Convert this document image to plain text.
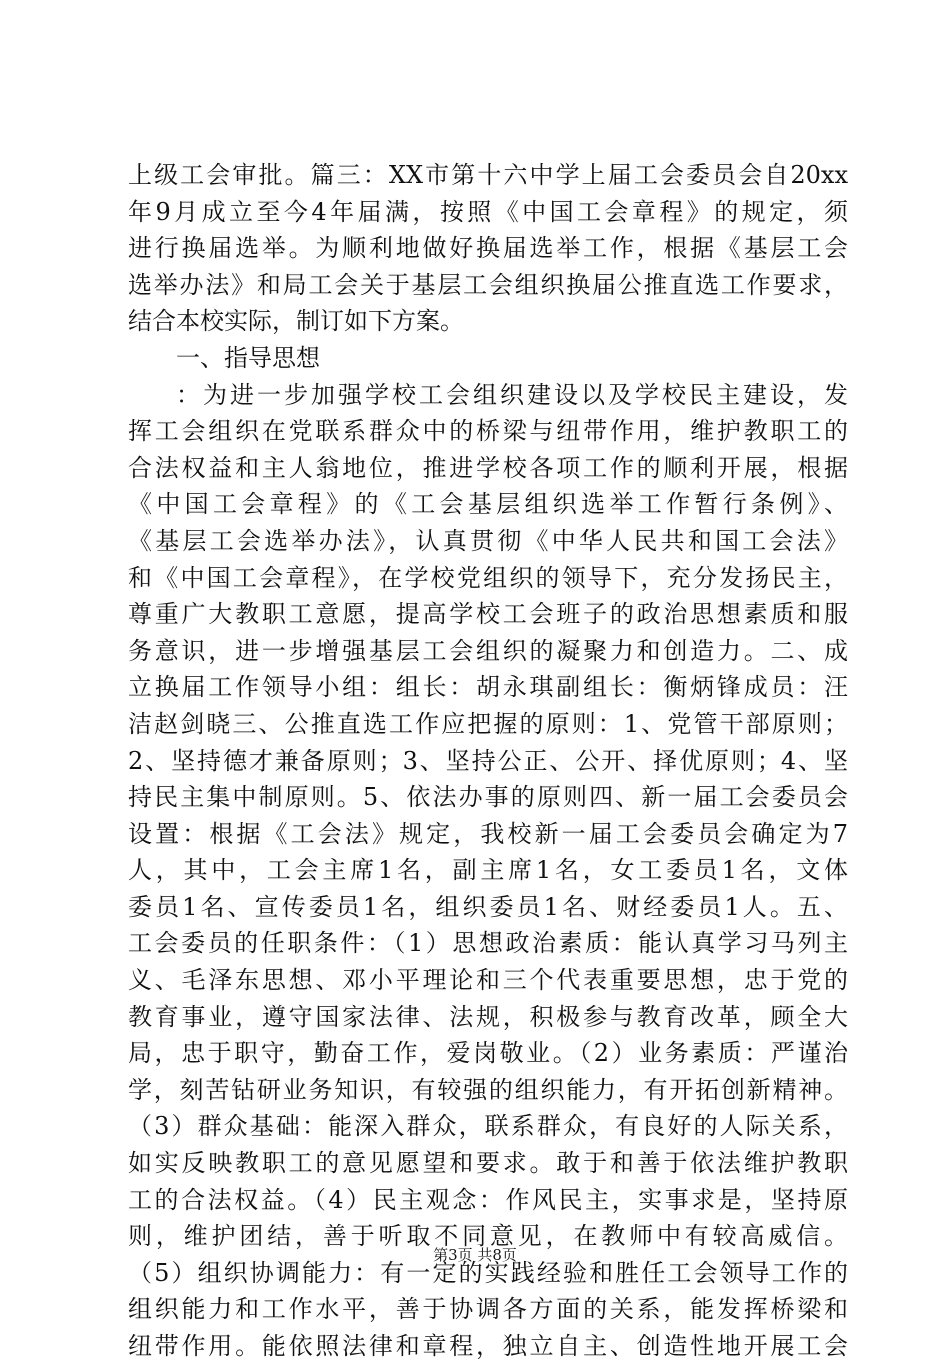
上级工会审批。篇三：XX市第十六中学上届工会委员会自20xx
年9月成立至今4年届满，按照《中国工会章程》的规定，须
进行换届选举。为顺利地做好换届选举工作，根据《基层工会
选举办法》和局工会关于基层工会组织换届公推直选工作要求，
结合本校实际，制订如下方案。
一、指导思想
：为进一步加强学校工会组织建设以及学校民主建设，发
挥工会组织在党联系群众中的桥梁与纽带作用，维护教职工的
合法权益和主人翁地位，推进学校各项工作的顺利开展，根据
《中国工会章程》的《工会基层组织选举工作暂行条例》、
《基层工会选举办法》，认真贯彻《中华人民共和国工会法》
和《中国工会章程》，在学校党组织的领导下，充分发扬民主，
尊重广大教职工意愿，提高学校工会班子的政治思想素质和服
务意识，进一步增强基层工会组织的凝聚力和创造力。二、成
立换届工作领导小组：组长：胡永琪副组长：衡炳锋成员：汪
洁赵剑晓三、公推直选工作应把握的原则：1、党管干部原则；
2、坚持德才兼备原则；3、坚持公正、公开、择优原则；4、坚
持民主集中制原则。5、依法办事的原则四、新一届工会委员会
设置：根据《工会法》规定，我校新一届工会委员会确定为7
人，其中，工会主席1名，副主席1名，女工委员1名，文体
委员1名、宣传委员1名，组织委员1名、财经委员1人。五、
工会委员的任职条件：（1）思想政治素质：能认真学习马列主
义、毛泽东思想、邓小平理论和三个代表重要思想，忠于党的
教育事业，遵守国家法律、法规，积极参与教育改革，顾全大
局，忠于职守，勤奋工作，爱岗敬业。（2）业务素质：严谨治
学，刻苦钻研业务知识，有较强的组织能力，有开拓创新精神。
（3）群众基础：能深入群众，联系群众，有良好的人际关系，
如实反映教职工的意见愿望和要求。敢于和善于依法维护教职
工的合法权益。（4）民主观念：作风民主，实事求是，坚持原
则，维护团结，善于听取不同意见，在教师中有较高威信。
（5）组织协调能力：有一定的实践经验和胜任工会领导工作的
组织能力和工作水平，善于协调各方面的关系，能发挥桥梁和
纽带作用。能依照法律和章程，独立自主、创造性地开展工会
第3页 共8页
